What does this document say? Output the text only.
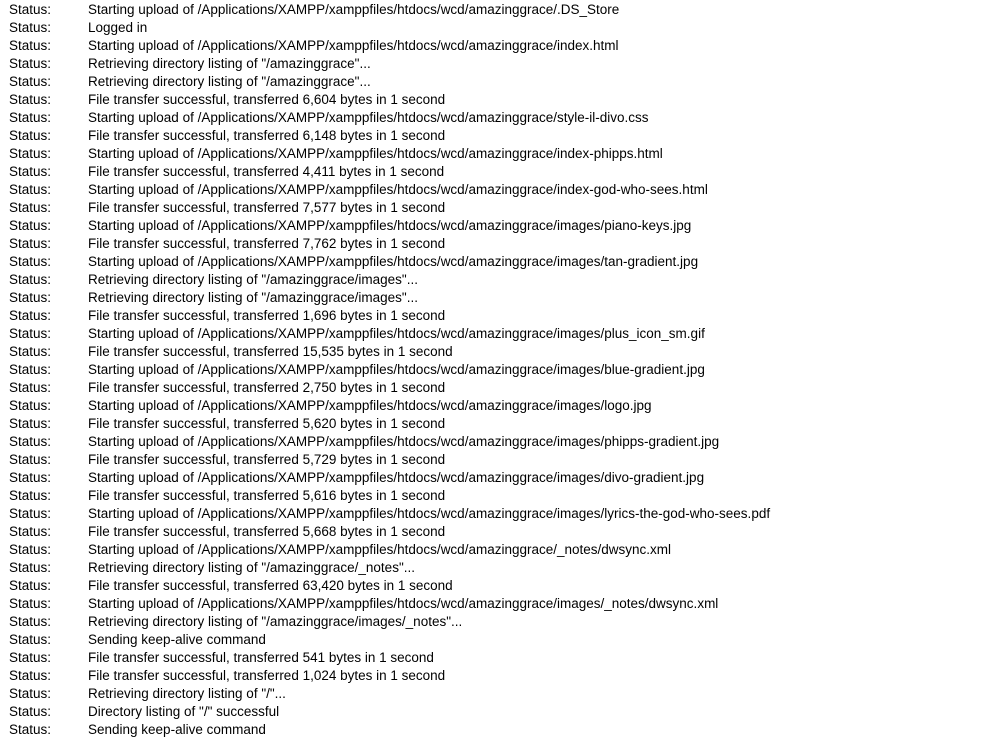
Status:	Starting upload of /Applications/XAMPP/xamppfiles/htdocs/wcd/amazinggrace/.DS_Store
Status:	Logged in
Status:	Starting upload of /Applications/XAMPP/xamppfiles/htdocs/wcd/amazinggrace/index.html
Status:	Retrieving directory listing of "/amazinggrace"...
Status:	Retrieving directory listing of "/amazinggrace"...
Status:	File transfer successful, transferred 6,604 bytes in 1 second
Status:	Starting upload of /Applications/XAMPP/xamppfiles/htdocs/wcd/amazinggrace/style-il-divo.css
Status:	File transfer successful, transferred 6,148 bytes in 1 second
Status:	Starting upload of /Applications/XAMPP/xamppfiles/htdocs/wcd/amazinggrace/index-phipps.html
Status:	File transfer successful, transferred 4,411 bytes in 1 second
Status:	Starting upload of /Applications/XAMPP/xamppfiles/htdocs/wcd/amazinggrace/index-god-who-sees.html
Status:	File transfer successful, transferred 7,577 bytes in 1 second
Status:	Starting upload of /Applications/XAMPP/xamppfiles/htdocs/wcd/amazinggrace/images/piano-keys.jpg
Status:	File transfer successful, transferred 7,762 bytes in 1 second
Status:	Starting upload of /Applications/XAMPP/xamppfiles/htdocs/wcd/amazinggrace/images/tan-gradient.jpg
Status:	Retrieving directory listing of "/amazinggrace/images"...
Status:	Retrieving directory listing of "/amazinggrace/images"...
Status:	File transfer successful, transferred 1,696 bytes in 1 second
Status:	Starting upload of /Applications/XAMPP/xamppfiles/htdocs/wcd/amazinggrace/images/plus_icon_sm.gif
Status:	File transfer successful, transferred 15,535 bytes in 1 second
Status:	Starting upload of /Applications/XAMPP/xamppfiles/htdocs/wcd/amazinggrace/images/blue-gradient.jpg
Status:	File transfer successful, transferred 2,750 bytes in 1 second
Status:	Starting upload of /Applications/XAMPP/xamppfiles/htdocs/wcd/amazinggrace/images/logo.jpg
Status:	File transfer successful, transferred 5,620 bytes in 1 second
Status:	Starting upload of /Applications/XAMPP/xamppfiles/htdocs/wcd/amazinggrace/images/phipps-gradient.jpg
Status:	File transfer successful, transferred 5,729 bytes in 1 second
Status:	Starting upload of /Applications/XAMPP/xamppfiles/htdocs/wcd/amazinggrace/images/divo-gradient.jpg
Status:	File transfer successful, transferred 5,616 bytes in 1 second
Status:	Starting upload of /Applications/XAMPP/xamppfiles/htdocs/wcd/amazinggrace/images/lyrics-the-god-who-sees.pdf
Status:	File transfer successful, transferred 5,668 bytes in 1 second
Status:	Starting upload of /Applications/XAMPP/xamppfiles/htdocs/wcd/amazinggrace/_notes/dwsync.xml
Status:	Retrieving directory listing of "/amazinggrace/_notes"...
Status:	File transfer successful, transferred 63,420 bytes in 1 second
Status:	Starting upload of /Applications/XAMPP/xamppfiles/htdocs/wcd/amazinggrace/images/_notes/dwsync.xml
Status:	Retrieving directory listing of "/amazinggrace/images/_notes"...
Status:	Sending keep-alive command
Status:	File transfer successful, transferred 541 bytes in 1 second
Status:	File transfer successful, transferred 1,024 bytes in 1 second
Status:	Retrieving directory listing of "/"...
Status:	Directory listing of "/" successful
Status:	Sending keep-alive command
